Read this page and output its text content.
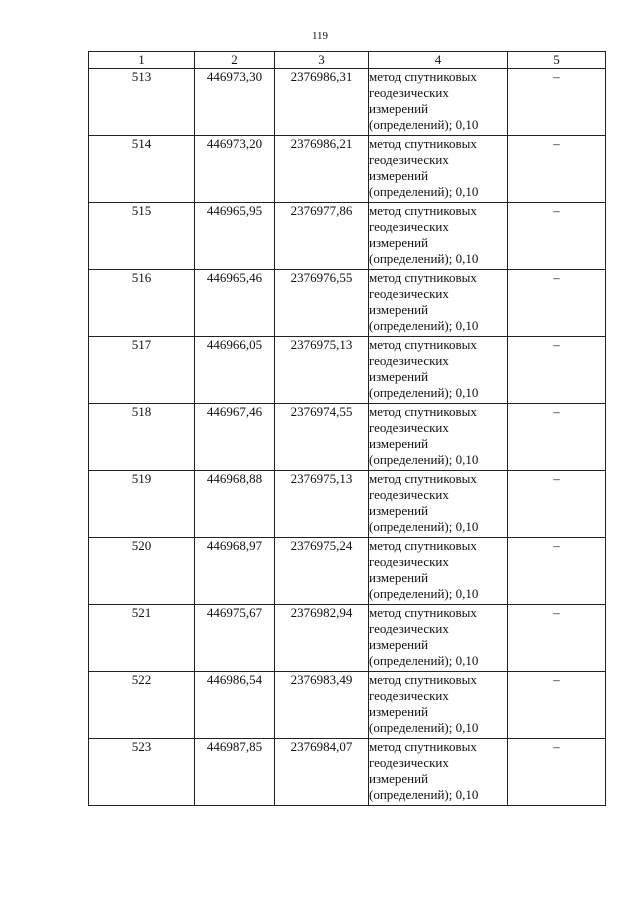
119
1	2	3	4	5
513	446973,30	2376986,31	метод спутниковых геодезических измерений (определений); 0,10	–
514	446973,20	2376986,21	метод спутниковых геодезических измерений (определений); 0,10	–
515	446965,95	2376977,86	метод спутниковых геодезических измерений (определений); 0,10	–
516	446965,46	2376976,55	метод спутниковых геодезических измерений (определений); 0,10	–
517	446966,05	2376975,13	метод спутниковых геодезических измерений (определений); 0,10	–
518	446967,46	2376974,55	метод спутниковых геодезических измерений (определений); 0,10	–
519	446968,88	2376975,13	метод спутниковых геодезических измерений (определений); 0,10	–
520	446968,97	2376975,24	метод спутниковых геодезических измерений (определений); 0,10	–
521	446975,67	2376982,94	метод спутниковых геодезических измерений (определений); 0,10	–
522	446986,54	2376983,49	метод спутниковых геодезических измерений (определений); 0,10	–
523	446987,85	2376984,07	метод спутниковых геодезических измерений (определений); 0,10	–
